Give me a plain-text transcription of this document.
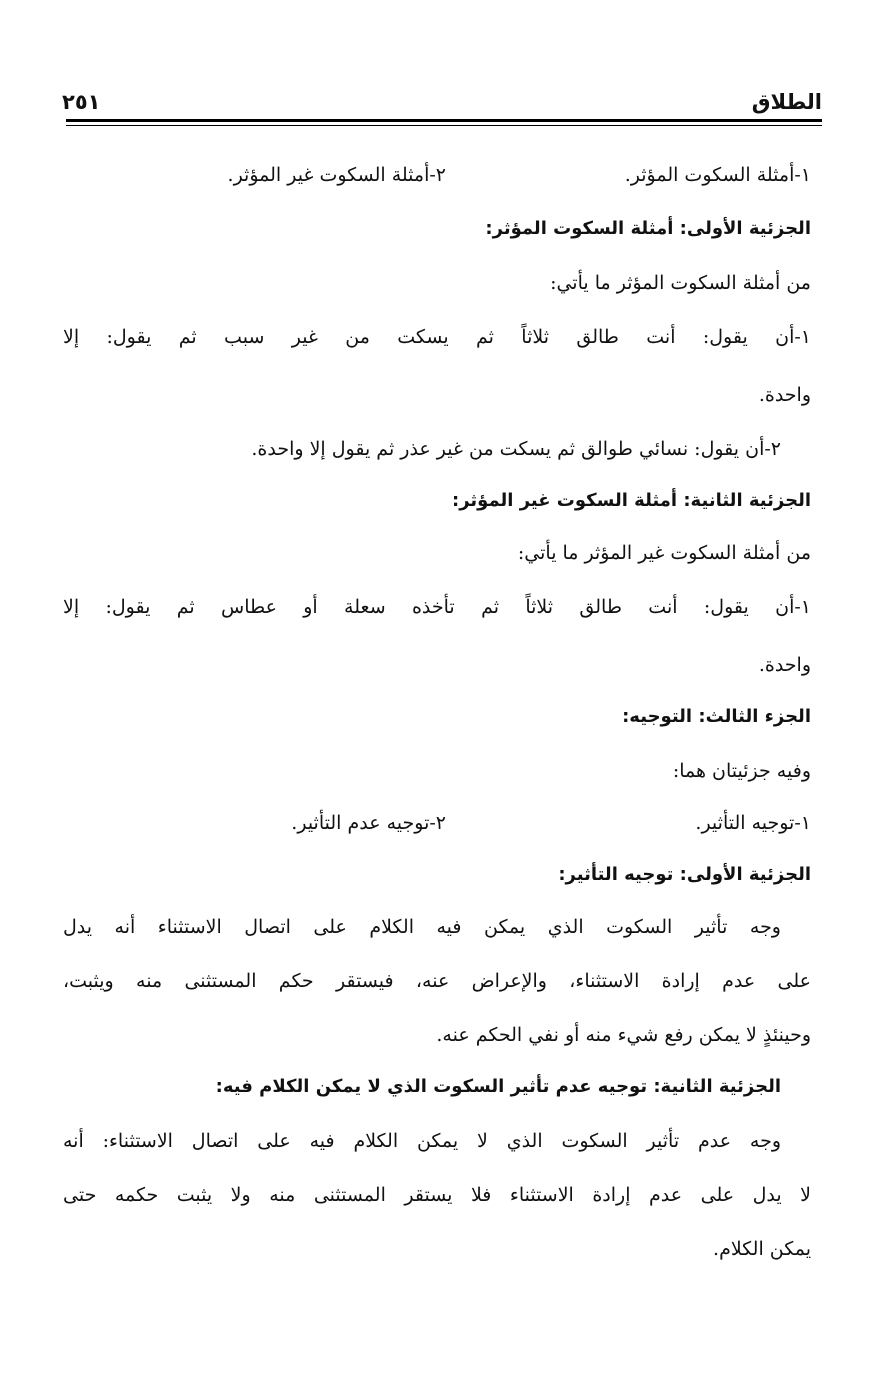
الطلاق
٢٥١
١-أمثلة السكوت المؤثر.
٢-أمثلة السكوت غير المؤثر.
الجزئية الأولى: أمثلة السكوت المؤثر:
من أمثلة السكوت المؤثر ما يأتي:
١-أن يقول: أنت طالق ثلاثاً ثم يسكت من غير سبب ثم يقول: إلا
واحدة.
٢-أن يقول: نسائي طوالق ثم يسكت من غير عذر ثم يقول إلا واحدة.
الجزئية الثانية: أمثلة السكوت غير المؤثر:
من أمثلة السكوت غير المؤثر ما يأتي:
١-أن يقول: أنت طالق ثلاثاً ثم تأخذه سعلة أو عطاس ثم يقول: إلا
واحدة.
الجزء الثالث: التوجيه:
وفيه جزئيتان هما:
١-توجيه التأثير.
٢-توجيه عدم التأثير.
الجزئية الأولى: توجيه التأثير:
وجه تأثير السكوت الذي يمكن فيه الكلام على اتصال الاستثناء أنه يدل
على عدم إرادة الاستثناء، والإعراض عنه، فيستقر حكم المستثنى منه ويثبت،
وحينئذٍ لا يمكن رفع شيء منه أو نفي الحكم عنه.
الجزئية الثانية: توجيه عدم تأثير السكوت الذي لا يمكن الكلام فيه:
وجه عدم تأثير السكوت الذي لا يمكن الكلام فيه على اتصال الاستثناء: أنه
لا يدل على عدم إرادة الاستثناء فلا يستقر المستثنى منه ولا يثبت حكمه حتى
يمكن الكلام.
